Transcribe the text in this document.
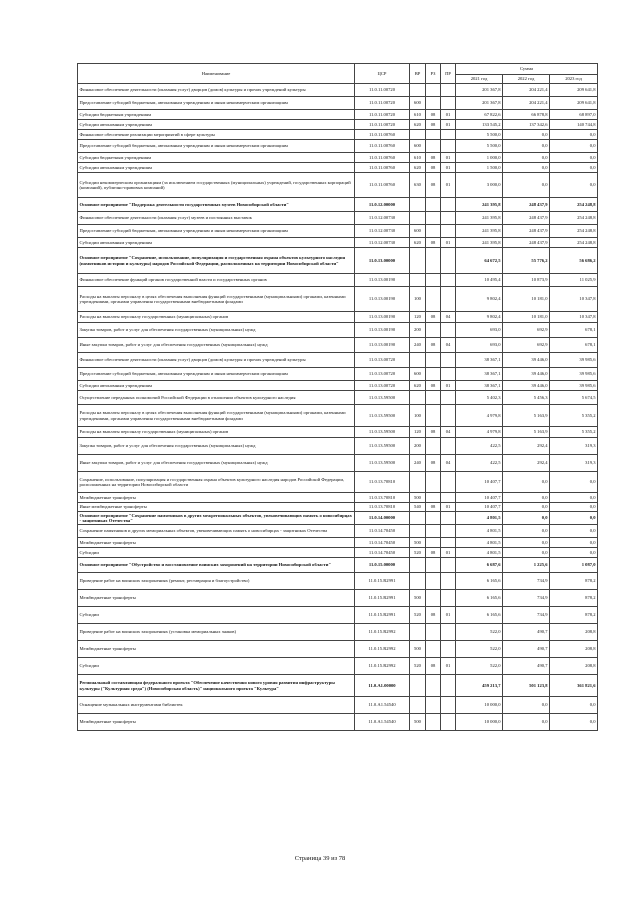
Наименование	ЦСР	ВР	РЗ	ПР	Сумма		
					2021 год	2022 год	2023 год
Финансовое обеспечение деятельности (оказания услуг) дворцов (домов) культуры и прочих учреждений культуры	11.0.11.00720				201 367,8	204 221,4	209 641,8
Предоставление субсидий бюджетным, автономным учреждениям и иным некоммерческим организациям	11.0.11.00720	600			201 367,8	204 221,4	209 641,8
Субсидии бюджетным учреждениям	11.0.11.00720	610	08	01	67 822,6	66 878,8	68 897,0
Субсидии автономным учреждениям	11.0.11.00720	620	08	01	133 545,2	137 342,6	140 744,8
Финансовое обеспечение реализации мероприятий в сфере культуры	11.0.11.00760				5 500,0	0,0	0,0
Предоставление субсидий бюджетным, автономным учреждениям и иным некоммерческим организациям	11.0.11.00760	600			5 500,0	0,0	0,0
Субсидии бюджетным учреждениям	11.0.11.00760	610	08	01	1 000,0	0,0	0,0
Субсидии автономным учреждениям	11.0.11.00760	620	08	01	1 500,0	0,0	0,0
Субсидии некоммерческим организациям (за исключением государственных (муниципальных) учреждений, государственных корпораций (компаний), публично-правовых компаний)	11.0.11.00760	630	08	01	3 000,0	0,0	0,0
Основное мероприятие "Поддержка деятельности государственных музеев Новосибирской области"	11.0.12.00000				241 395,8	248 437,9	254 248,8
Финансовое обеспечение деятельности (оказания услуг) музеев и постоянных выставок	11.0.12.00730				241 395,8	248 437,9	254 248,8
Предоставление субсидий бюджетным, автономным учреждениям и иным некоммерческим организациям	11.0.12.00730	600			241 395,8	248 437,9	254 248,8
Субсидии автономным учреждениям	11.0.12.00730	620	08	01	241 395,8	248 437,9	254 248,8
Основное мероприятие "Сохранение, использование, популяризация и государственная охрана объектов культурного наследия (памятников истории и культуры) народов Российской Федерации, расположенных на территории Новосибирской области"	11.0.13.00000				64 672,5	55 776,2	56 686,2
Финансовое обеспечение функций органов государственной власти и государственных органов	11.0.13.00190				10 495,4	10 873,9	11 025,9
Расходы на выплаты персоналу в целях обеспечения выполнения функций государственными (муниципальными) органами, казенными учреждениями, органами управления государственными внебюджетными фондами	11.0.13.00190	100			9 802,4	10 181,0	10 347,8
Расходы на выплаты персоналу государственных (муниципальных) органов	11.0.13.00190	120	08	04	9 802,4	10 181,0	10 347,8
Закупка товаров, работ и услуг для обеспечения государственных (муниципальных) нужд	11.0.13.00190	200			693,0	692,9	678,1
Иные закупки товаров, работ и услуг для обеспечения государственных (муниципальных) нужд	11.0.13.00190	240	08	04	693,0	692,9	678,1
Финансовое обеспечение деятельности (оказания услуг) дворцов (домов) культуры и прочих учреждений культуры	11.0.13.00720				38 367,1	39 446,0	39 985,6
Предоставление субсидий бюджетным, автономным учреждениям и иным некоммерческим организациям	11.0.13.00720	600			38 367,1	39 446,0	39 985,6
Субсидии автономным учреждениям	11.0.13.00720	620	08	01	38 367,1	39 446,0	39 985,6
Осуществление переданных полномочий Российской Федерации в отношении объектов культурного наследия	11.0.13.59500				5 402,3	5 456,3	5 674,5
Расходы на выплаты персоналу в целях обеспечения выполнения функций государственными (муниципальными) органами, казенными учреждениями, органами управления государственными внебюджетными фондами	11.0.13.59500	100			4 979,8	5 163,9	5 355,2
Расходы на выплаты персоналу государственных (муниципальных) органов	11.0.13.59500	120	08	04	4 979,8	5 163,9	5 355,2
Закупка товаров, работ и услуг для обеспечения государственных (муниципальных) нужд	11.0.13.59500	200			422,5	292,4	319,3
Иные закупки товаров, работ и услуг для обеспечения государственных (муниципальных) нужд	11.0.13.59500	240	08	04	422,5	292,4	319,3
Сохранение, использование, популяризация и государственная охрана объектов культурного наследия народов Российской Федерации, расположенных на территории Новосибирской области	11.0.13.70810				10 407,7	0,0	0,0
Межбюджетные трансферты	11.0.13.70810	500			10 407,7	0,0	0,0
Иные межбюджетные трансферты	11.0.13.70810	540	08	01	10 407,7	0,0	0,0
Основное мероприятие "Сохранение памятников в других межрегиональных объектов, увековечивающих память о новосибирцах - защитниках Отечества"	11.0.14.00000				4 801,5	0,0	0,0
Сохранение памятников и других мемориальных объектов, увековечивающих память о новосибирцах - защитниках Отечества	11.0.14.70450				4 801,5	0,0	0,0
Межбюджетные трансферты	11.0.14.70450	500			4 801,5	0,0	0,0
Субсидии	11.0.14.70450	520	08	01	4 801,5	0,0	0,0
Основное мероприятие "Обустройство и восстановление воинских захоронений на территории Новосибирской области"	11.0.15.00000				6 687,6	1 225,6	1 087,0
Проведение работ на воинских захоронениях (ремонт, реставрация и благоустройство)	11.0.15.R2991				6 165,6	734,9	878,2
Межбюджетные трансферты	11.0.15.R2991	500			6 165,6	734,9	878,2
Субсидии	11.0.15.R2991	520	08	01	6 165,6	734,9	878,2
Проведение работ на воинских захоронениях (установка мемориальных знаков)	11.0.15.R2992				522,0	490,7	208,8
Межбюджетные трансферты	11.0.15.R2992	500			522,0	490,7	208,8
Субсидии	11.0.15.R2992	520	08	01	522,0	490,7	208,8
Региональный составляющая федерального проекта "Обеспечение качественно нового уровня развития инфраструктуры культуры ("Культурная среда") (Новосибирская область)" национального проекта "Культура"	11.0.А1.00000				459 213,7	501 123,8	361 821,6
Оснащение музыкальных инструментами библиотек	11.0.А1.54540				10 000,0	0,0	0,0
Межбюджетные трансферты	11.0.А1.54540	500			10 000,0	0,0	0,0
Страница 39 из 78
